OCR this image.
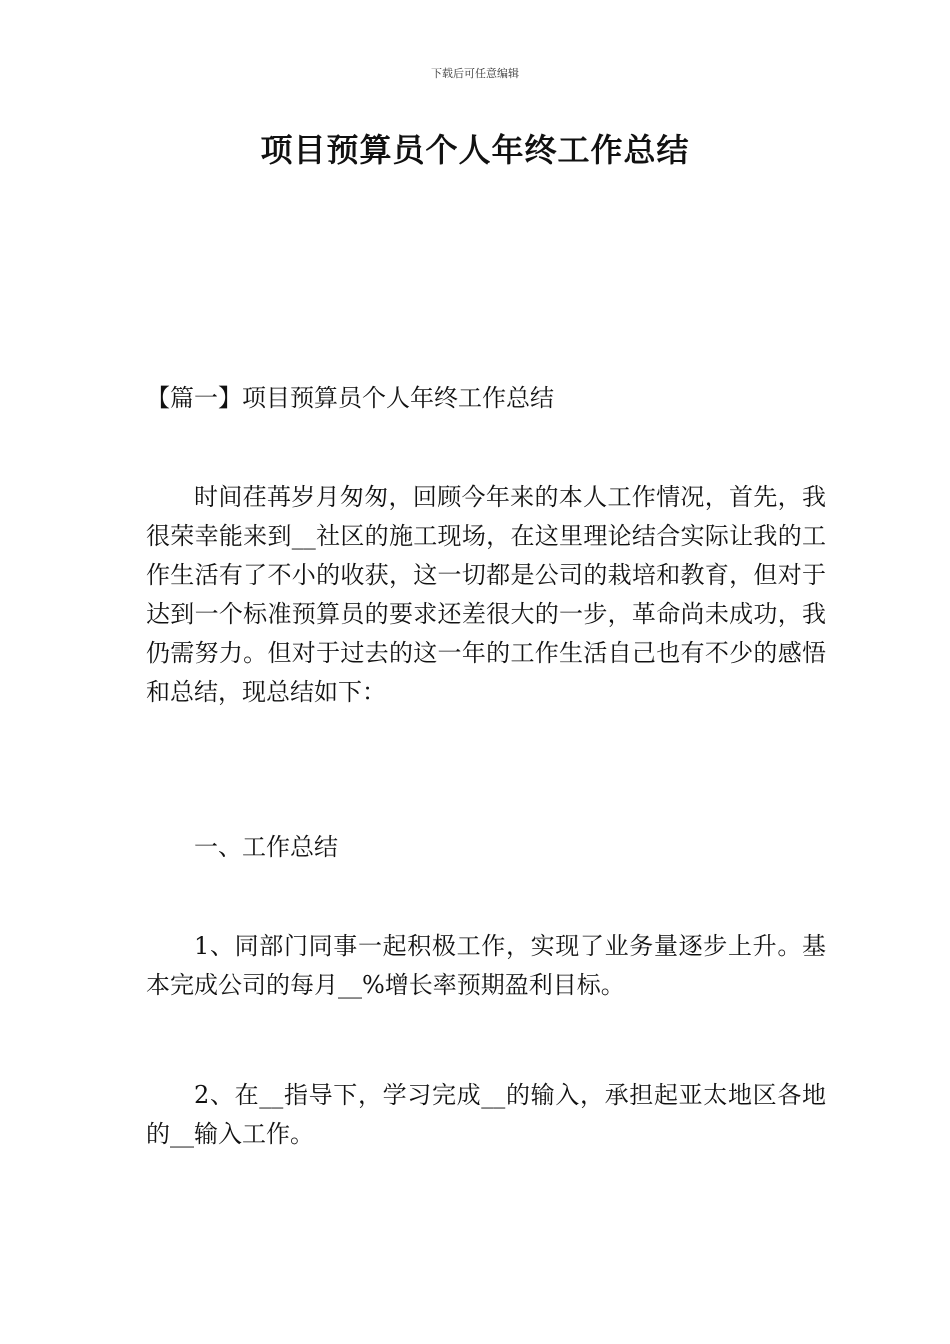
下载后可任意编辑
项目预算员个人年终工作总结
【篇一】项目预算员个人年终工作总结

时间荏苒岁月匆匆，回顾今年来的本人工作情况，首先，我很荣幸能来到__社区的施工现场，在这里理论结合实际让我的工作生活有了不小的收获，这一切都是公司的栽培和教育，但对于达到一个标准预算员的要求还差很大的一步，革命尚未成功，我仍需努力。但对于过去的这一年的工作生活自己也有不少的感悟和总结，现总结如下：

一、工作总结

1、同部门同事一起积极工作，实现了业务量逐步上升。基本完成公司的每月__%增长率预期盈利目标。

2、在__指导下，学习完成__的输入，承担起亚太地区各地的__输入工作。
